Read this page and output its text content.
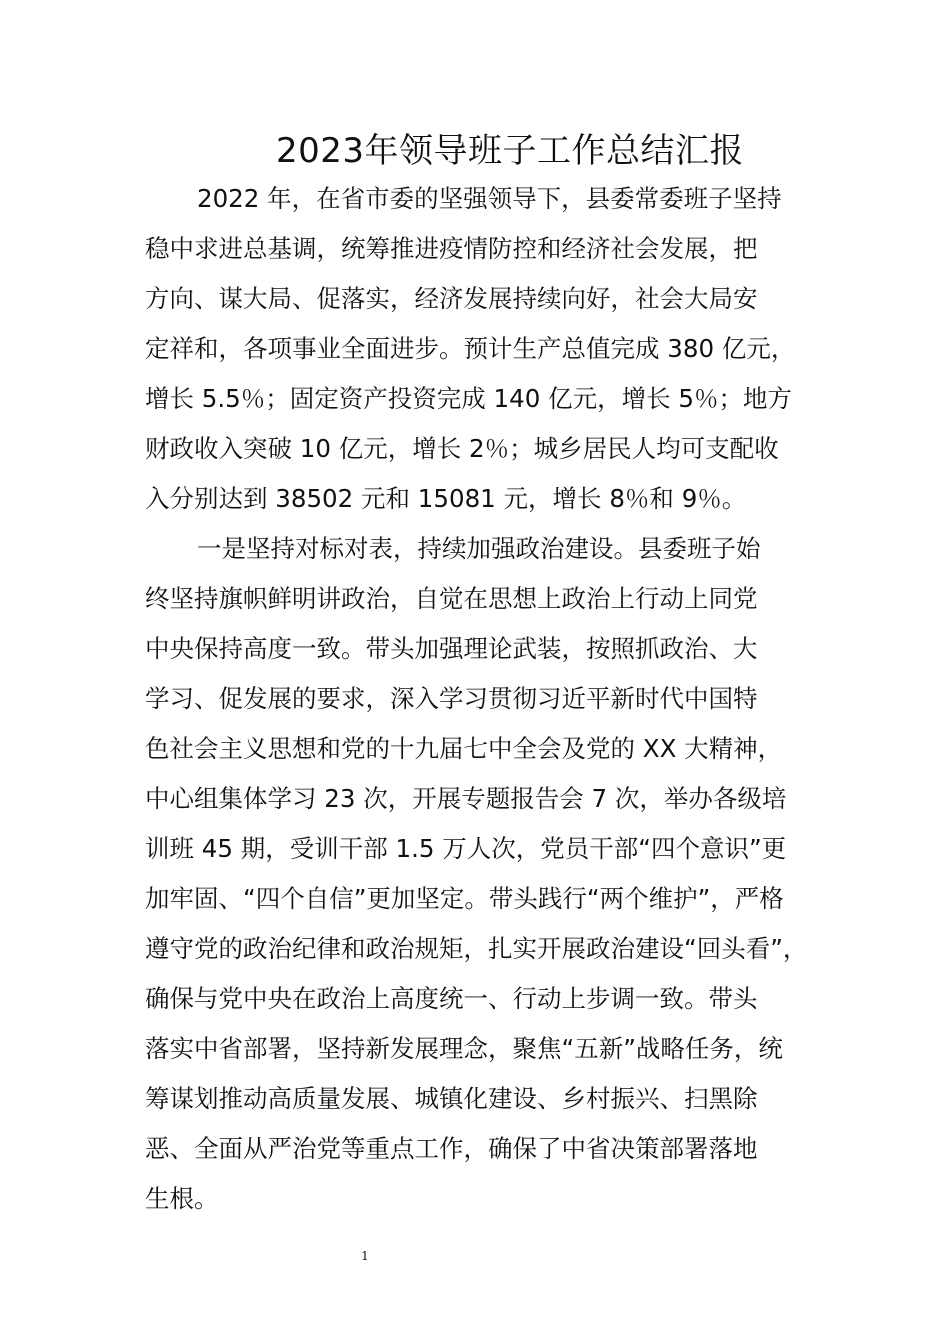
2023年领导班子工作总结汇报
2022 年，在省市委的坚强领导下，县委常委班子坚持
稳中求进总基调，统筹推进疫情防控和经济社会发展，把
方向、谋大局、促落实，经济发展持续向好，社会大局安
定祥和，各项事业全面进步。预计生产总值完成 380 亿元，
增长 5.5％；固定资产投资完成 140 亿元，增长 5％；地方
财政收入突破 10 亿元，增长 2％；城乡居民人均可支配收
入分别达到 38502 元和 15081 元，增长 8％和 9％。
一是坚持对标对表，持续加强政治建设。县委班子始
终坚持旗帜鲜明讲政治，自觉在思想上政治上行动上同党
中央保持高度一致。带头加强理论武装，按照抓政治、大
学习、促发展的要求，深入学习贯彻习近平新时代中国特
色社会主义思想和党的十九届七中全会及党的 XX 大精神，
中心组集体学习 23 次，开展专题报告会 7 次，举办各级培
训班 45 期，受训干部 1.5 万人次，党员干部“四个意识”更
加牢固、“四个自信”更加坚定。带头践行“两个维护”，严格
遵守党的政治纪律和政治规矩，扎实开展政治建设“回头看”，
确保与党中央在政治上高度统一、行动上步调一致。带头
落实中省部署，坚持新发展理念，聚焦“五新”战略任务，统
筹谋划推动高质量发展、城镇化建设、乡村振兴、扫黑除
恶、全面从严治党等重点工作，确保了中省决策部署落地
生根。
1
